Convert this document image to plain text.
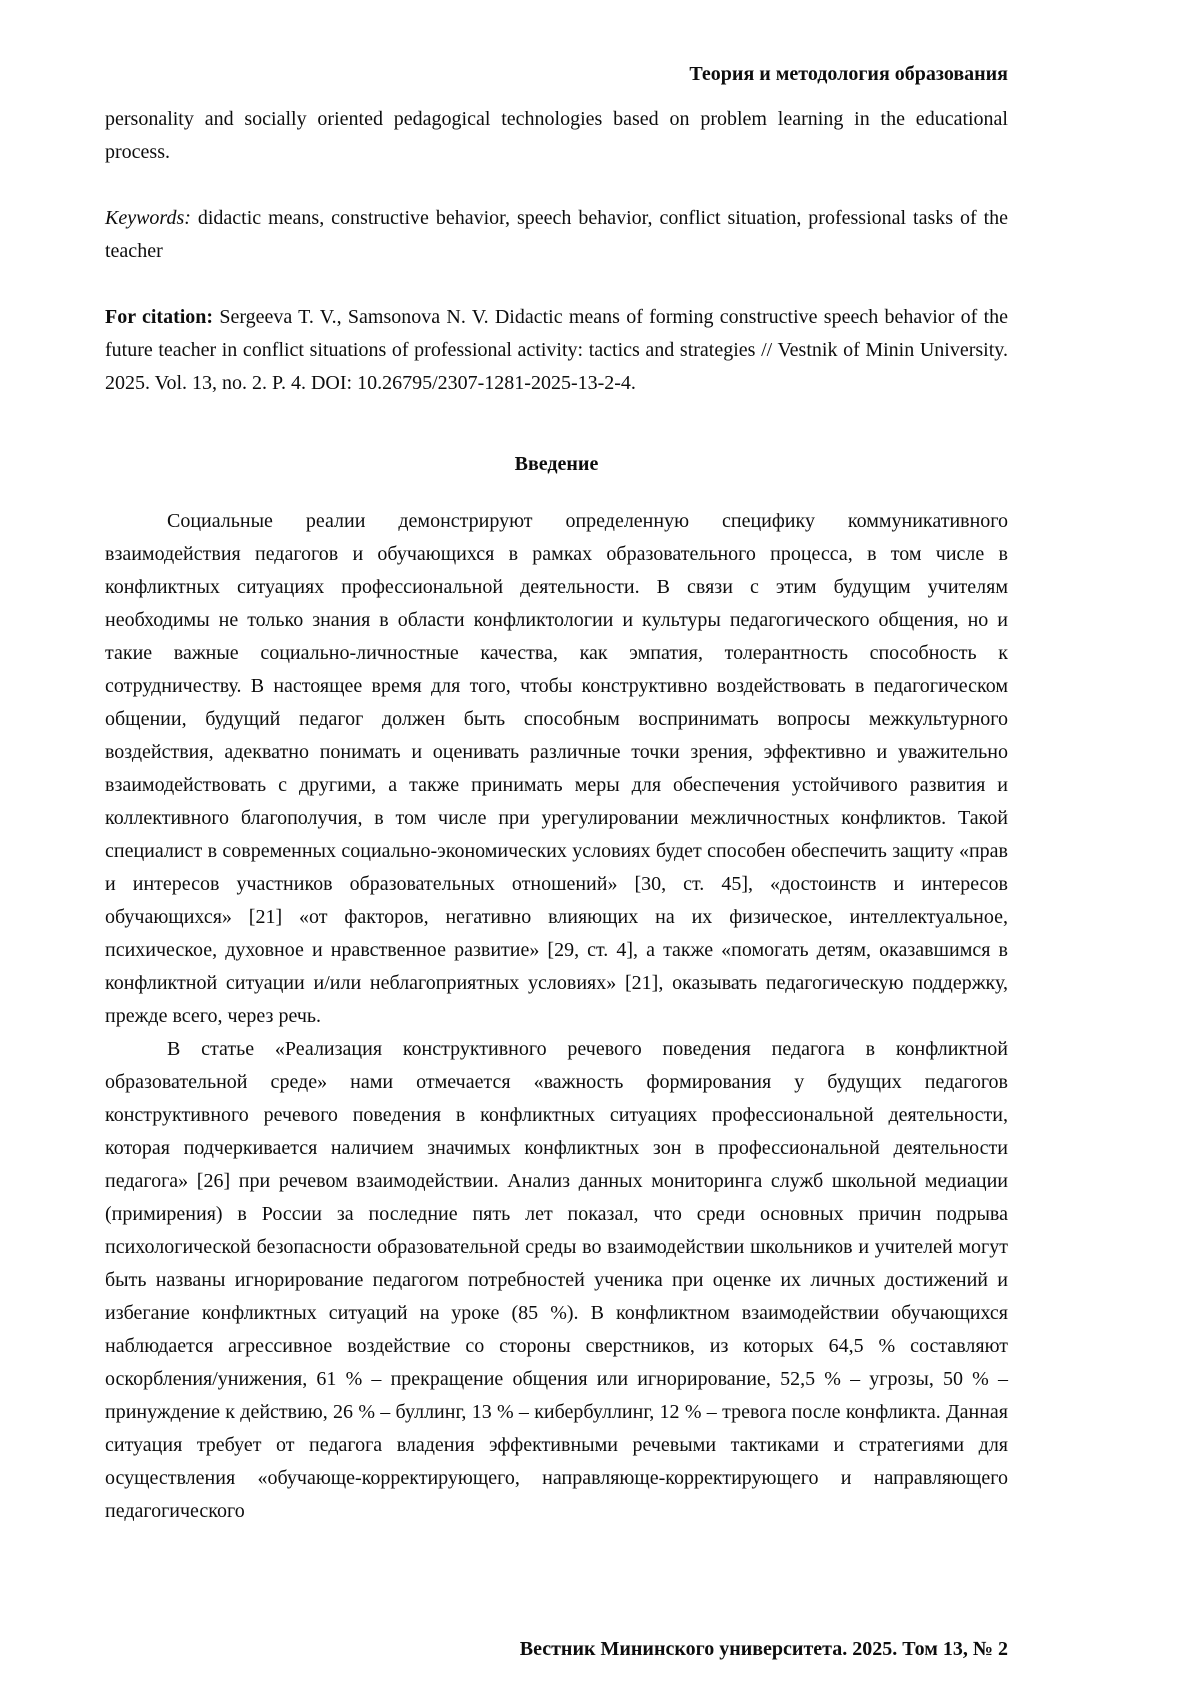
Теория и методология образования

personality and socially oriented pedagogical technologies based on problem learning in the educational process.

Keywords: didactic means, constructive behavior, speech behavior, conflict situation, professional tasks of the teacher

For citation: Sergeeva T. V., Samsonova N. V. Didactic means of forming constructive speech behavior of the future teacher in conflict situations of professional activity: tactics and strategies // Vestnik of Minin University. 2025. Vol. 13, no. 2. P. 4. DOI: 10.26795/2307-1281-2025-13-2-4.

Введение

Социальные реалии демонстрируют определенную специфику коммуникативного взаимодействия педагогов и обучающихся в рамках образовательного процесса, в том числе в конфликтных ситуациях профессиональной деятельности. В связи с этим будущим учителям необходимы не только знания в области конфликтологии и культуры педагогического общения, но и такие важные социально-личностные качества, как эмпатия, толерантность способность к сотрудничеству. В настоящее время для того, чтобы конструктивно воздействовать в педагогическом общении, будущий педагог должен быть способным воспринимать вопросы межкультурного воздействия, адекватно понимать и оценивать различные точки зрения, эффективно и уважительно взаимодействовать с другими, а также принимать меры для обеспечения устойчивого развития и коллективного благополучия, в том числе при урегулировании межличностных конфликтов. Такой специалист в современных социально-экономических условиях будет способен обеспечить защиту «прав и интересов участников образовательных отношений» [30, ст. 45], «достоинств и интересов обучающихся» [21] «от факторов, негативно влияющих на их физическое, интеллектуальное, психическое, духовное и нравственное развитие» [29, ст. 4], а также «помогать детям, оказавшимся в конфликтной ситуации и/или неблагоприятных условиях» [21], оказывать педагогическую поддержку, прежде всего, через речь.

В статье «Реализация конструктивного речевого поведения педагога в конфликтной образовательной среде» нами отмечается «важность формирования у будущих педагогов конструктивного речевого поведения в конфликтных ситуациях профессиональной деятельности, которая подчеркивается наличием значимых конфликтных зон в профессиональной деятельности педагога» [26] при речевом взаимодействии. Анализ данных мониторинга служб школьной медиации (примирения) в России за последние пять лет показал, что среди основных причин подрыва психологической безопасности образовательной среды во взаимодействии школьников и учителей могут быть названы игнорирование педагогом потребностей ученика при оценке их личных достижений и избегание конфликтных ситуаций на уроке (85 %). В конфликтном взаимодействии обучающихся наблюдается агрессивное воздействие со стороны сверстников, из которых 64,5 % составляют оскорбления/унижения, 61 % – прекращение общения или игнорирование, 52,5 % – угрозы, 50 % – принуждение к действию, 26 % – буллинг, 13 % – кибербуллинг, 12 % – тревога после конфликта. Данная ситуация требует от педагога владения эффективными речевыми тактиками и стратегиями для осуществления «обучающе-корректирующего, направляюще-корректирующего и направляющего педагогического

Вестник Мининского университета. 2025. Том 13, № 2
